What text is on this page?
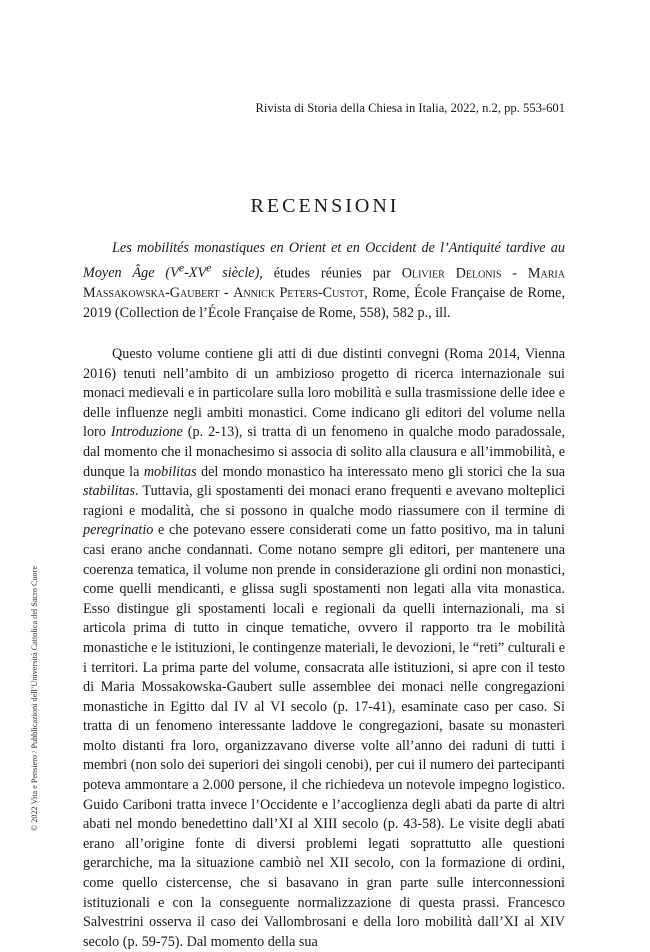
Rivista di Storia della Chiesa in Italia, 2022, n.2, pp. 553-601
RECENSIONI

Les mobilités monastiques en Orient et en Occident de l’Antiquité tardive au Moyen Âge (Ve-XVe siècle), études réunies par Olivier Delonis - Maria Massakowska-Gaubert - Annick Peters-Custot, Rome, École Française de Rome, 2019 (Collection de l’École Française de Rome, 558), 582 p., ill.

Questo volume contiene gli atti di due distinti convegni (Roma 2014, Vienna 2016) tenuti nell’ambito di un ambizioso progetto di ricerca internazionale sui monaci medievali e in particolare sulla loro mobilità e sulla trasmissione delle idee e delle influenze negli ambiti monastici. Come indicano gli editori del volume nella loro Introduzione (p. 2-13), si tratta di un fenomeno in qualche modo paradossale, dal momento che il monachesimo si associa di solito alla clausura e all’immobilità, e dunque la mobilitas del mondo monastico ha interessato meno gli storici che la sua stabilitas. Tuttavia, gli spostamenti dei monaci erano frequenti e avevano molteplici ragioni e modalità, che si possono in qualche modo riassumere con il termine di peregrinatio e che potevano essere considerati come un fatto positivo, ma in taluni casi erano anche condannati. Come notano sempre gli editori, per mantenere una coerenza tematica, il volume non prende in considerazione gli ordini non monastici, come quelli mendicanti, e glissa sugli spostamenti non legati alla vita monastica. Esso distingue gli spostamenti locali e regionali da quelli internazionali, ma si articola prima di tutto in cinque tematiche, ovvero il rapporto tra le mobilità monastiche e le istituzioni, le contingenze materiali, le devozioni, le “reti” culturali e i territori. La prima parte del volume, consacrata alle istituzioni, si apre con il testo di Maria Mossakowska-Gaubert sulle assemblee dei monaci nelle congregazioni monastiche in Egitto dal IV al VI secolo (p. 17-41), esaminate caso per caso. Si tratta di un fenomeno interessante laddove le congregazioni, basate su monasteri molto distanti fra loro, organizzavano diverse volte all’anno dei raduni di tutti i membri (non solo dei superiori dei singoli cenobi), per cui il numero dei partecipanti poteva ammontare a 2.000 persone, il che richiedeva un notevole impegno logistico. Guido Cariboni tratta invece l’Occidente e l’accoglienza degli abati da parte di altri abati nel mondo benedettino dall’XI al XIII secolo (p. 43-58). Le visite degli abati erano all’origine fonte di diversi problemi legati soprattutto alle questioni gerarchiche, ma la situazione cambiò nel XII secolo, con la formazione di ordini, come quello cistercense, che si basavano in gran parte sulle interconnessioni istituzionali e con la conseguente normalizzazione di questa prassi. Francesco Salvestrini osserva il caso dei Vallombrosani e della loro mobilità dall’XI al XIV secolo (p. 59-75). Dal momento della sua

© 2022 Vita e Pensiero / Pubblicazioni dell’Università Cattolica del Sacro Cuore
